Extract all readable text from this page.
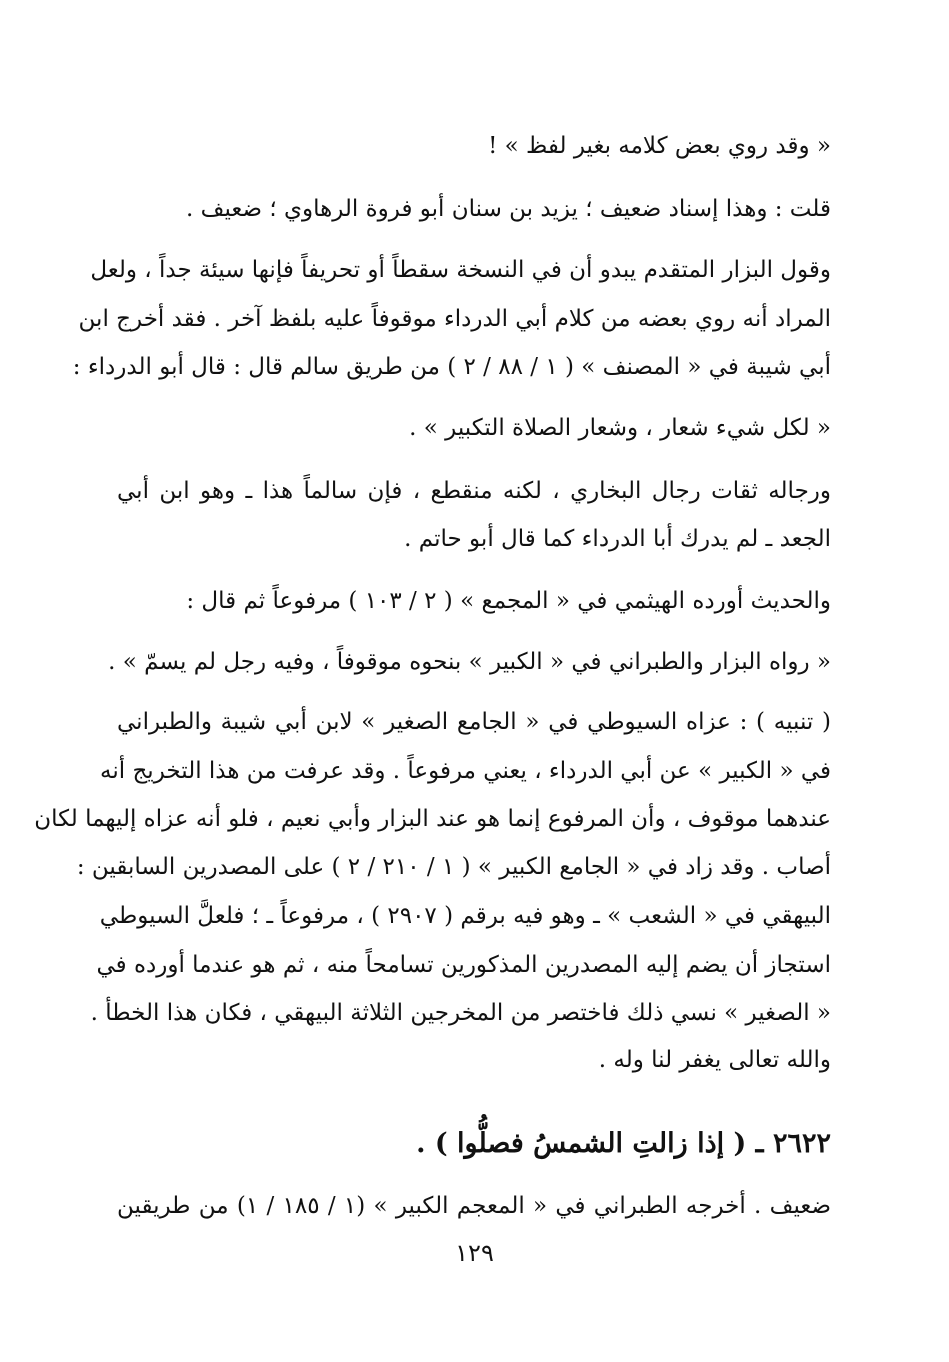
« وقد روي بعض كلامه بغير لفظ » !
قلت : وهذا إسناد ضعيف ؛ يزيد بن سنان أبو فروة الرهاوي ؛ ضعيف .
وقول البزار المتقدم يبدو أن في النسخة سقطاً أو تحريفاً فإنها سيئة جداً ، ولعل
المراد أنه روي بعضه من كلام أبي الدرداء موقوفاً عليه بلفظ آخر . فقد أخرج ابن
أبي شيبة في « المصنف » ( ١ / ٨٨ / ٢ ) من طريق سالم قال : قال أبو الدرداء :
« لكل شيء شعار ، وشعار الصلاة التكبير » .
ورجاله ثقات رجال البخاري ، لكنه منقطع ، فإن سالماً هذا ـ وهو ابن أبي
الجعد ـ لم يدرك أبا الدرداء كما قال أبو حاتم .
والحديث أورده الهيثمي في « المجمع » ( ٢ / ١٠٣ ) مرفوعاً ثم قال :
« رواه البزار والطبراني في « الكبير » بنحوه موقوفاً ، وفيه رجل لم يسمّ » .
( تنبيه ) : عزاه السيوطي في « الجامع الصغير » لابن أبي شيبة والطبراني
في « الكبير » عن أبي الدرداء ، يعني مرفوعاً . وقد عرفت من هذا التخريج أنه
عندهما موقوف ، وأن المرفوع إنما هو عند البزار وأبي نعيم ، فلو أنه عزاه إليهما لكان
أصاب . وقد زاد في « الجامع الكبير » ( ١ / ٢١٠ / ٢ ) على المصدرين السابقين :
البيهقي في « الشعب » ـ وهو فيه برقم ( ٢٩٠٧ ) ، مرفوعاً ـ ؛ فلعلَّ السيوطي
استجاز أن يضم إليه المصدرين المذكورين تسامحاً منه ، ثم هو عندما أورده في
« الصغير » نسي ذلك فاختصر من المخرجين الثلاثة البيهقي ، فكان هذا الخطأ .
والله تعالى يغفر لنا وله .
٢٦٢٢ ـ ( إذا زالتِ الشمسُ فصلُّوا ) .
ضعيف . أخرجه الطبراني في « المعجم الكبير » (١ / ١٨٥ / ١) من طريقين
١٢٩
